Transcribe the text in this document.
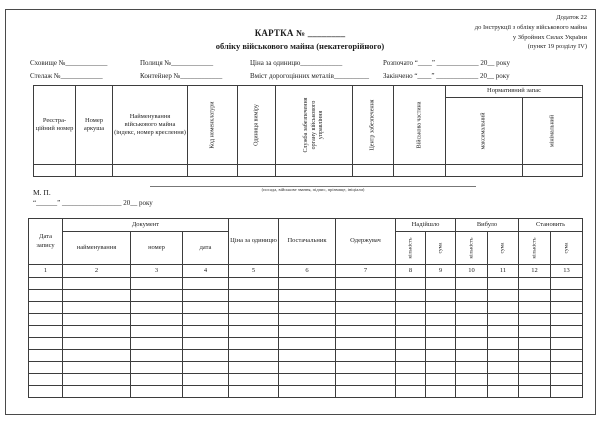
Додаток 22
до Інструкції з обліку військового майна
у Збройних Силах України
(пункт 19 розділу IV)
КАРТКА № ________
обліку військового майна (некатегорійного)
Сховище №____________	Полиця №____________	Ціна за одиницю____________	Розпочато “____” ____________ 20__ року
Стелаж №____________	Контейнер №____________	Вміст дорогоцінних металів__________ Закінчено “____” ____________ 20__ року
Реєстра-ційний номер	Номер аркуша	Найменування військового майна (індекс, номер креслення)	Код номенклатури	Одиниця виміру	Служба забезпечення органу військового управління	Центр забезпечення	Військова частина	Нормативний запас	

								максимальний	мінімальний

(посада, військове звання, підпис, прізвище, ініціали)
М. П.
“______” _________________ 20__ року
Дата запису	Документ			Ціна за одиницю	Постачальник	Одержувач	Надійшло		Вибуло		Становить	
	найменування	номер	дата				кількість	сума	кількість	сума	кількість	сума

1	2	3	4	5	6	7	8	9	10	11	12	13
